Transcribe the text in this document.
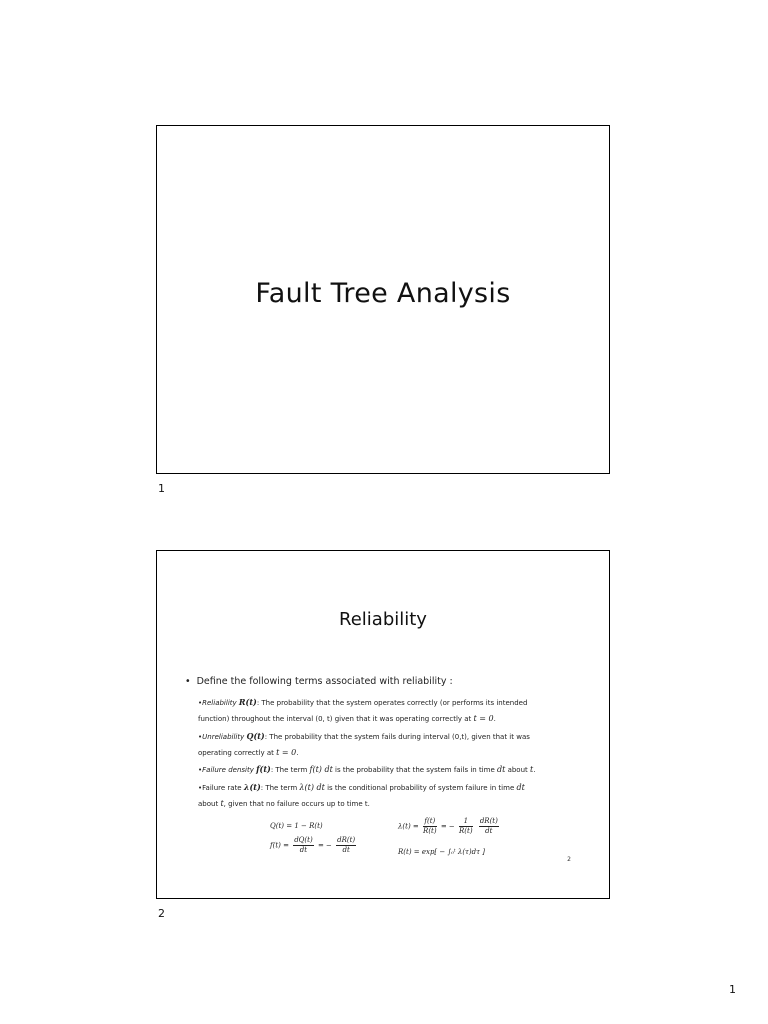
Fault Tree Analysis
1
Reliability
• Define the following terms associated with reliability :
•Reliability R(t): The probability that the system operates correctly (or performs its intended
function) throughout the interval (0, t) given that it was operating correctly at t = 0.
•Unreliability Q(t): The probability that the system fails during interval (0,t), given that it was
operating correctly at t = 0.
•Failure density f(t): The term f(t) dt is the probability that the system fails in time dt about t.
•Failure rate λ(t): The term λ(t) dt is the conditional probability of system failure in time dt
about t, given that no failure occurs up to time t.
Q(t) = 1 − R(t)
$f(t) = \frac{dQ(t)}{dt}$ = − $\frac{dR(t)}{dt}$
$\lambda(t) = \frac{f(t)}{R(t)}$ = − $\frac{1}{R(t)}$
$\frac{dR(t)}{dt}$
R(t) = exp[ − ∫₀ᵗ λ(τ)dτ ]
2
2
1
